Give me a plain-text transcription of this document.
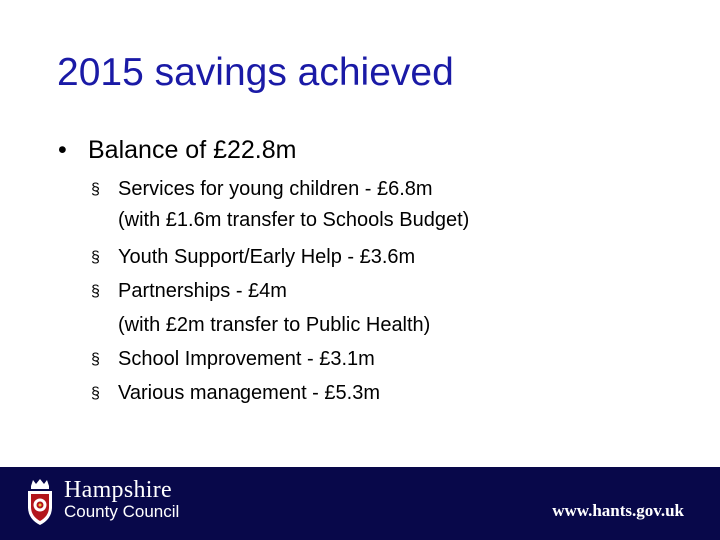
2015 savings achieved
• Balance of £22.8m
§ Services for young children - £6.8m
(with £1.6m transfer to Schools Budget)
§ Youth Support/Early Help - £3.6m
§ Partnerships - £4m
(with £2m transfer to Public Health)
§ School Improvement - £3.1m
§ Various management - £5.3m
Hampshire
County Council	www.hants.gov.uk
